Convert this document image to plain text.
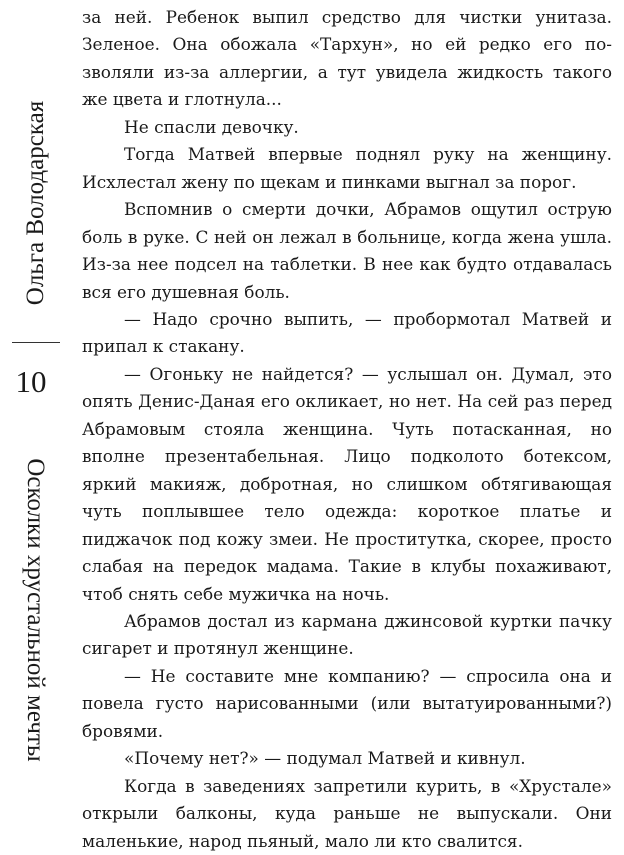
Ольга Володарская
10
Осколки хрустальной мечты

за ней. Ребенок выпил средство для чистки унитаза. Зеленое. Она обожала «Тархун», но ей редко его позволяли из-за аллергии, а тут увидела жидкость такого же цвета и глотнула...

Не спасли девочку.

Тогда Матвей впервые поднял руку на женщину. Исхлестал жену по щекам и пинками выгнал за порог.

Вспомнив о смерти дочки, Абрамов ощутил острую боль в руке. С ней он лежал в больнице, когда жена ушла. Из-за нее подсел на таблетки. В нее как будто отдавалась вся его душевная боль.

— Надо срочно выпить, — пробормотал Матвей и припал к стакану.

— Огоньку не найдется? — услышал он. Думал, это опять Денис-Даная его окликает, но нет. На сей раз перед Абрамовым стояла женщина. Чуть потасканная, но вполне презентабельная. Лицо подколото ботексом, яркий макияж, добротная, но слишком обтягивающая чуть поплывшее тело одежда: короткое платье и пиджачок под кожу змеи. Не проститутка, скорее, просто слабая на передок мадама. Такие в клубы похаживают, чтоб снять себе мужичка на ночь.

Абрамов достал из кармана джинсовой куртки пачку сигарет и протянул женщине.

— Не составите мне компанию? — спросила она и повела густо нарисованными (или вытатуированными?) бровями.

«Почему нет?» — подумал Матвей и кивнул.

Когда в заведениях запретили курить, в «Хрустале» открыли балконы, куда раньше не выпускали. Они маленькие, народ пьяный, мало ли кто свалится.
